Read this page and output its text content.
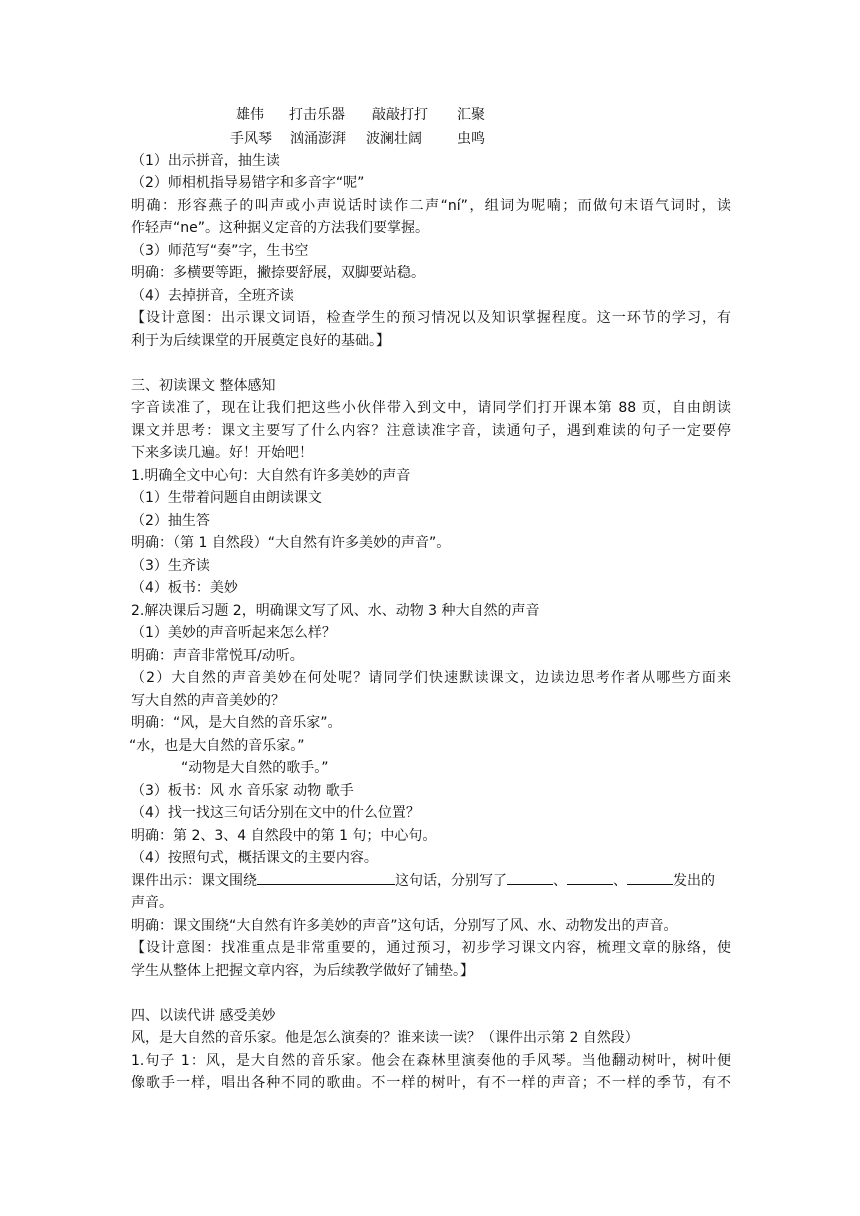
雄伟 打击乐器 敲敲打打 汇聚
手风琴 汹涌澎湃 波澜壮阔	虫鸣
（1）出示拼音，抽生读
（2）师相机指导易错字和多音字“呢”
明确：形容燕子的叫声或小声说话时读作二声“ní”，组词为呢喃；而做句末语气词时，读
作轻声“ne”。这种据义定音的方法我们要掌握。
（3）师范写“奏”字，生书空
明确：多横要等距，撇捺要舒展，双脚要站稳。
（4）去掉拼音，全班齐读
【设计意图：出示课文词语，检查学生的预习情况以及知识掌握程度。这一环节的学习，有
利于为后续课堂的开展奠定良好的基础。】
三、初读课文 整体感知
字音读准了，现在让我们把这些小伙伴带入到文中，请同学们打开课本第 88 页，自由朗读
课文并思考：课文主要写了什么内容？注意读准字音，读通句子，遇到难读的句子一定要停
下来多读几遍。好！开始吧！
1.明确全文中心句：大自然有许多美妙的声音
（1）生带着问题自由朗读课文
（2）抽生答
明确：（第 1 自然段）“大自然有许多美妙的声音”。
（3）生齐读
（4）板书：美妙
2.解决课后习题 2，明确课文写了风、水、动物 3 种大自然的声音
（1）美妙的声音听起来怎么样？
明确：声音非常悦耳/动听。
（2）大自然的声音美妙在何处呢？请同学们快速默读课文，边读边思考作者从哪些方面来
写大自然的声音美妙的？
明确：“风，是大自然的音乐家”。
“水，也是大自然的音乐家。”
“动物是大自然的歌手。”
（3）板书：风 水 音乐家 动物 歌手
（4）找一找这三句话分别在文中的什么位置？
明确：第 2、3、4 自然段中的第 1 句；中心句。
（4）按照句式，概括课文的主要内容。
课件出示：课文围绕	这句话，分别写了	、	、	发出的
声音。
明确：课文围绕“大自然有许多美妙的声音”这句话，分别写了风、水、动物发出的声音。
【设计意图：找准重点是非常重要的，通过预习，初步学习课文内容，梳理文章的脉络，使
学生从整体上把握文章内容，为后续教学做好了铺垫。】
四、以读代讲 感受美妙
风，是大自然的音乐家。他是怎么演奏的？谁来读一读？（课件出示第 2 自然段）
1.句子 1：风，是大自然的音乐家。他会在森林里演奏他的手风琴。当他翻动树叶，树叶便
像歌手一样，唱出各种不同的歌曲。不一样的树叶，有不一样的声音；不一样的季节，有不
